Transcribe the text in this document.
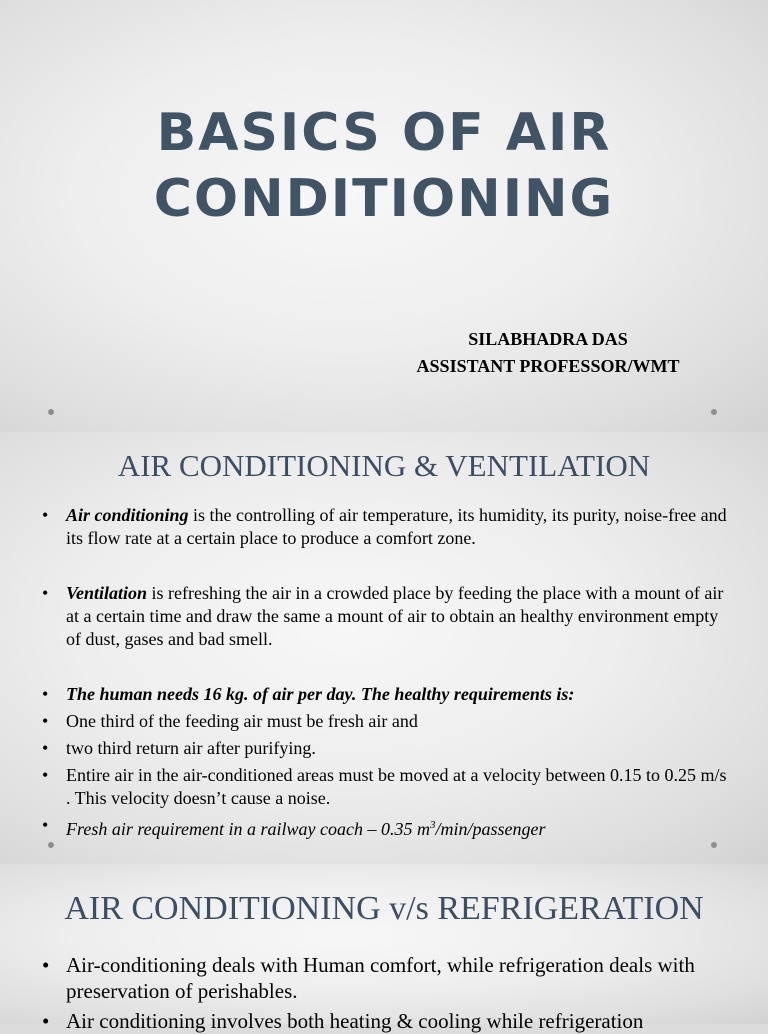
BASICS OF AIR
CONDITIONING
SILABHADRA DAS
ASSISTANT PROFESSOR/WMT
AIR CONDITIONING & VENTILATION
• Air conditioning is the controlling of air temperature, its humidity, its purity, noise-free and its flow rate at a certain place to produce a comfort zone.
• Ventilation is refreshing the air in a crowded place by feeding the place with a mount of air at a certain time and draw the same a mount of air to obtain an healthy environment empty of dust, gases and bad smell.
• The human needs 16 kg. of air per day. The healthy requirements is:
• One third of the feeding air must be fresh air and
• two third return air after purifying.
• Entire air in the air-conditioned areas must be moved at a velocity between 0.15 to 0.25 m/s . This velocity doesn’t cause a noise.
• Fresh air requirement in a railway coach – 0.35 $m^3/\min$/passenger
AIR CONDITIONING v/s REFRIGERATION
• Air-conditioning deals with Human comfort, while refrigeration deals with preservation of perishables.
• Air conditioning involves both heating & cooling while refrigeration
